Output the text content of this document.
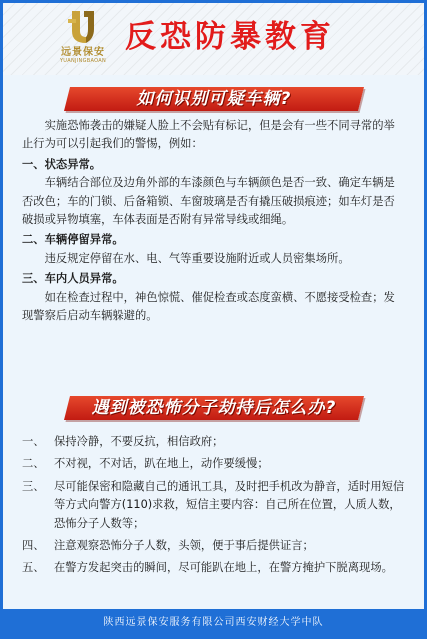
远景保安
YUANJINGBAOAN
反恐防暴教育
如何识别可疑车辆?

实施恐怖袭击的嫌疑人脸上不会贴有标记，但是会有一些不同寻常的举止行为可以引起我们的警惕，例如：

一、状态异常。

车辆结合部位及边角外部的车漆颜色与车辆颜色是否一致、确定车辆是否改色；车的门锁、后备箱锁、车窗玻璃是否有撬压破损痕迹；如车灯是否破损或异物填塞，车体表面是否附有异常导线或细绳。

二、车辆停留异常。

违反规定停留在水、电、气等重要设施附近或人员密集场所。

三、车内人员异常。

如在检查过程中，神色惊慌、催促检查或态度蛮横、不愿接受检查；发现警察后启动车辆躲避的。

遇到被恐怖分子劫持后怎么办?
一、 保持冷静，不要反抗，相信政府；
二、 不对视，不对话，趴在地上，动作要缓慢；
三、 尽可能保密和隐藏自己的通讯工具，及时把手机改为静音，适时用短信等方式向警方(110)求救，短信主要内容：自己所在位置，人质人数，恐怖分子人数等；
四、 注意观察恐怖分子人数，头领，便于事后提供证言；
五、 在警方发起突击的瞬间，尽可能趴在地上，在警方掩护下脱离现场。
陕西远景保安服务有限公司西安财经大学中队
